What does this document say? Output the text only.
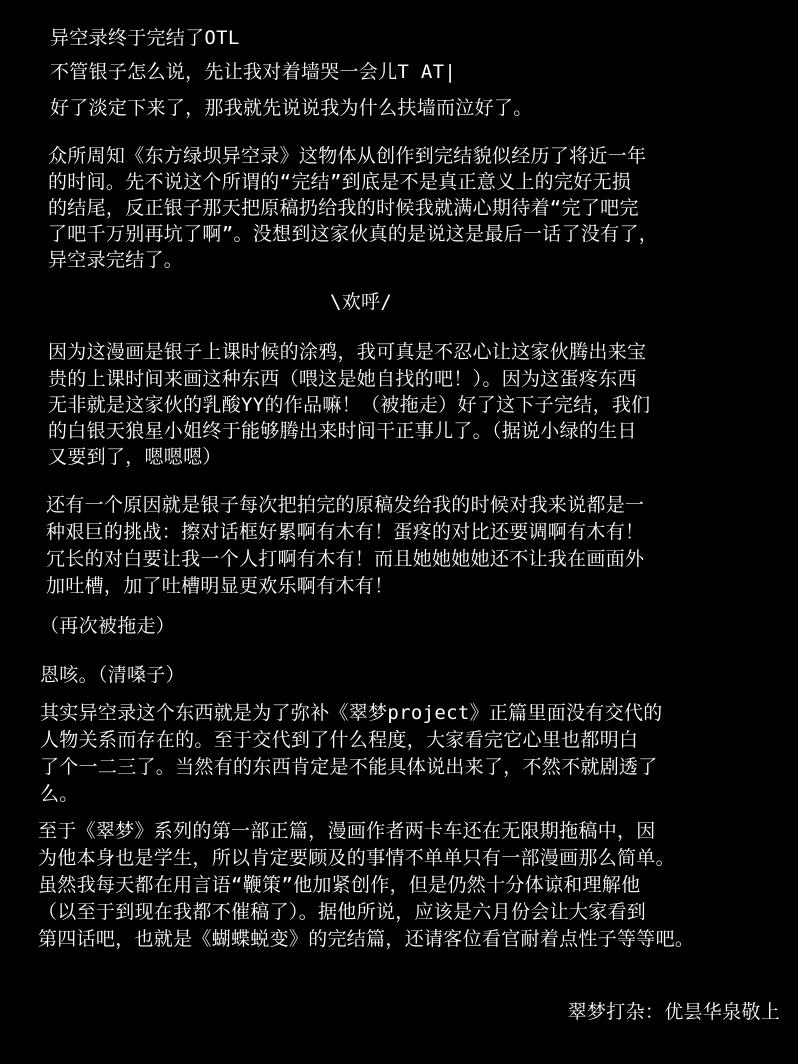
异空录终于完结了OTL
不管银子怎么说，先让我对着墙哭一会儿T AT|
好了淡定下来了，那我就先说说我为什么扶墙而泣好了。
众所周知《东方绿坝异空录》这物体从创作到完结貌似经历了将近一年
的时间。先不说这个所谓的“完结”到底是不是真正意义上的完好无损
的结尾，反正银子那天把原稿扔给我的时候我就满心期待着“完了吧完
了吧千万别再坑了啊”。没想到这家伙真的是说这是最后一话了没有了，
异空录完结了。
\欢呼/
因为这漫画是银子上课时候的涂鸦，我可真是不忍心让这家伙腾出来宝
贵的上课时间来画这种东西（喂这是她自找的吧！）。因为这蛋疼东西
无非就是这家伙的乳酸YY的作品嘛！（被拖走）好了这下子完结，我们
的白银天狼星小姐终于能够腾出来时间干正事儿了。（据说小绿的生日
又要到了，嗯嗯嗯）
还有一个原因就是银子每次把拍完的原稿发给我的时候对我来说都是一
种艰巨的挑战：擦对话框好累啊有木有！蛋疼的对比还要调啊有木有！
冗长的对白要让我一个人打啊有木有！而且她她她她还不让我在画面外
加吐槽，加了吐槽明显更欢乐啊有木有！
（再次被拖走）
恩咳。（清嗓子）
其实异空录这个东西就是为了弥补《翠梦project》正篇里面没有交代的
人物关系而存在的。至于交代到了什么程度，大家看完它心里也都明白
了个一二三了。当然有的东西肯定是不能具体说出来了，不然不就剧透了
么。
至于《翠梦》系列的第一部正篇，漫画作者两卡车还在无限期拖稿中，因
为他本身也是学生，所以肯定要顾及的事情不单单只有一部漫画那么简单。
虽然我每天都在用言语“鞭策”他加紧创作，但是仍然十分体谅和理解他
（以至于到现在我都不催稿了）。据他所说，应该是六月份会让大家看到
第四话吧，也就是《蝴蝶蜕变》的完结篇，还请客位看官耐着点性子等等吧。
翠梦打杂：优昙华泉敬上
